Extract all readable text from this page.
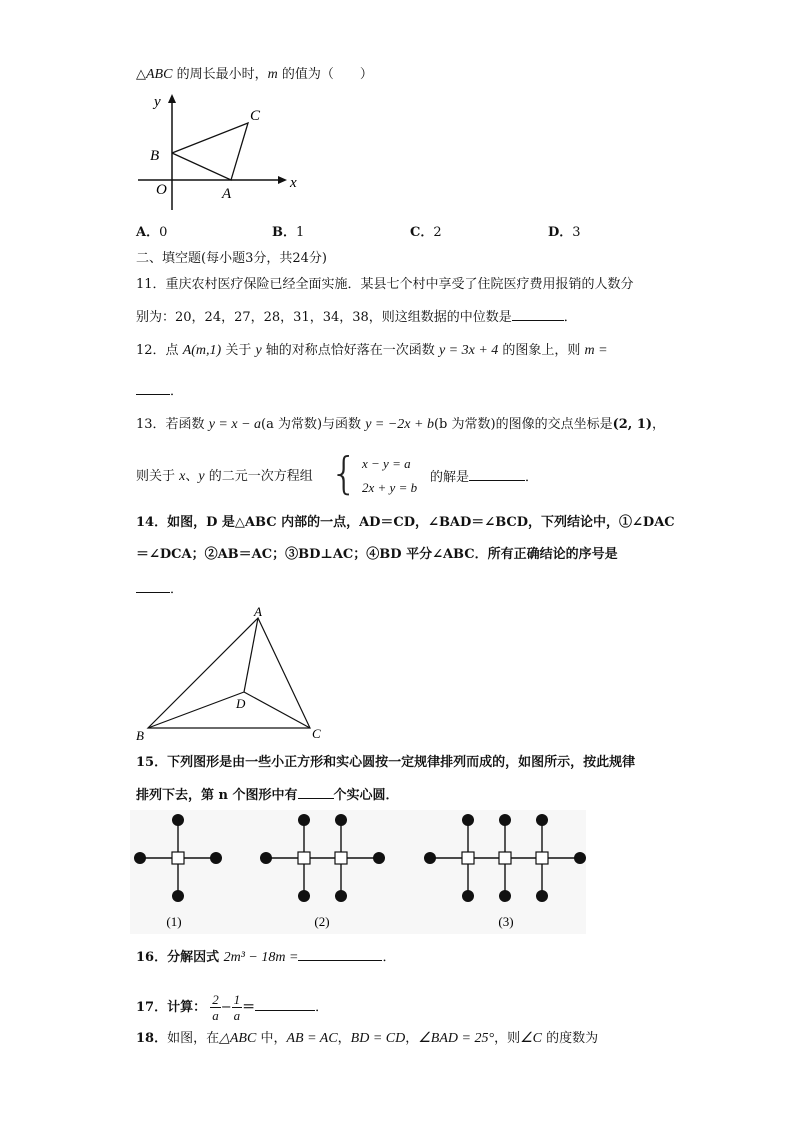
△ABC 的周长最小时，m 的值为（　　）
y
x
C
B
O	A
A．0	B．1	C．2	D．3
二、填空题(每小题3分，共24分)
11．重庆农村医疗保险已经全面实施．某县七个村中享受了住院医疗费用报销的人数分
别为：20，24，27，28，31，34，38，则这组数据的中位数是	．
12．点 A(m,1) 关于 y 轴的对称点恰好落在一次函数 y = 3x + 4 的图象上，则 m =
．
13．若函数 y = x − a(a 为常数)与函数 y = −2x + b(b 为常数)的图像的交点坐标是(2, 1)，
则关于 x、y 的二元一次方程组 { x − y = a
2x + y = b
的解是	．
14．如图，D 是△ABC 内部的一点，AD＝CD，∠BAD＝∠BCD，下列结论中，①∠DAC
＝∠DCA；②AB＝AC；③BD⊥AC；④BD 平分∠ABC．所有正确结论的序号是
．
A
B	C
D
15．下列图形是由一些小正方形和实心圆按一定规律排列而成的，如图所示，按此规律
排列下去，第 n 个图形中有	个实心圆．
(1)	(2)	(3)
16．分解因式 2m³ − 18m =	．
17．计算： $\frac{2}{a} - \frac{1}{a}$ ＝	．
18．如图，在△ABC 中，AB = AC，BD = CD，∠BAD = 25°，则∠C 的度数为
